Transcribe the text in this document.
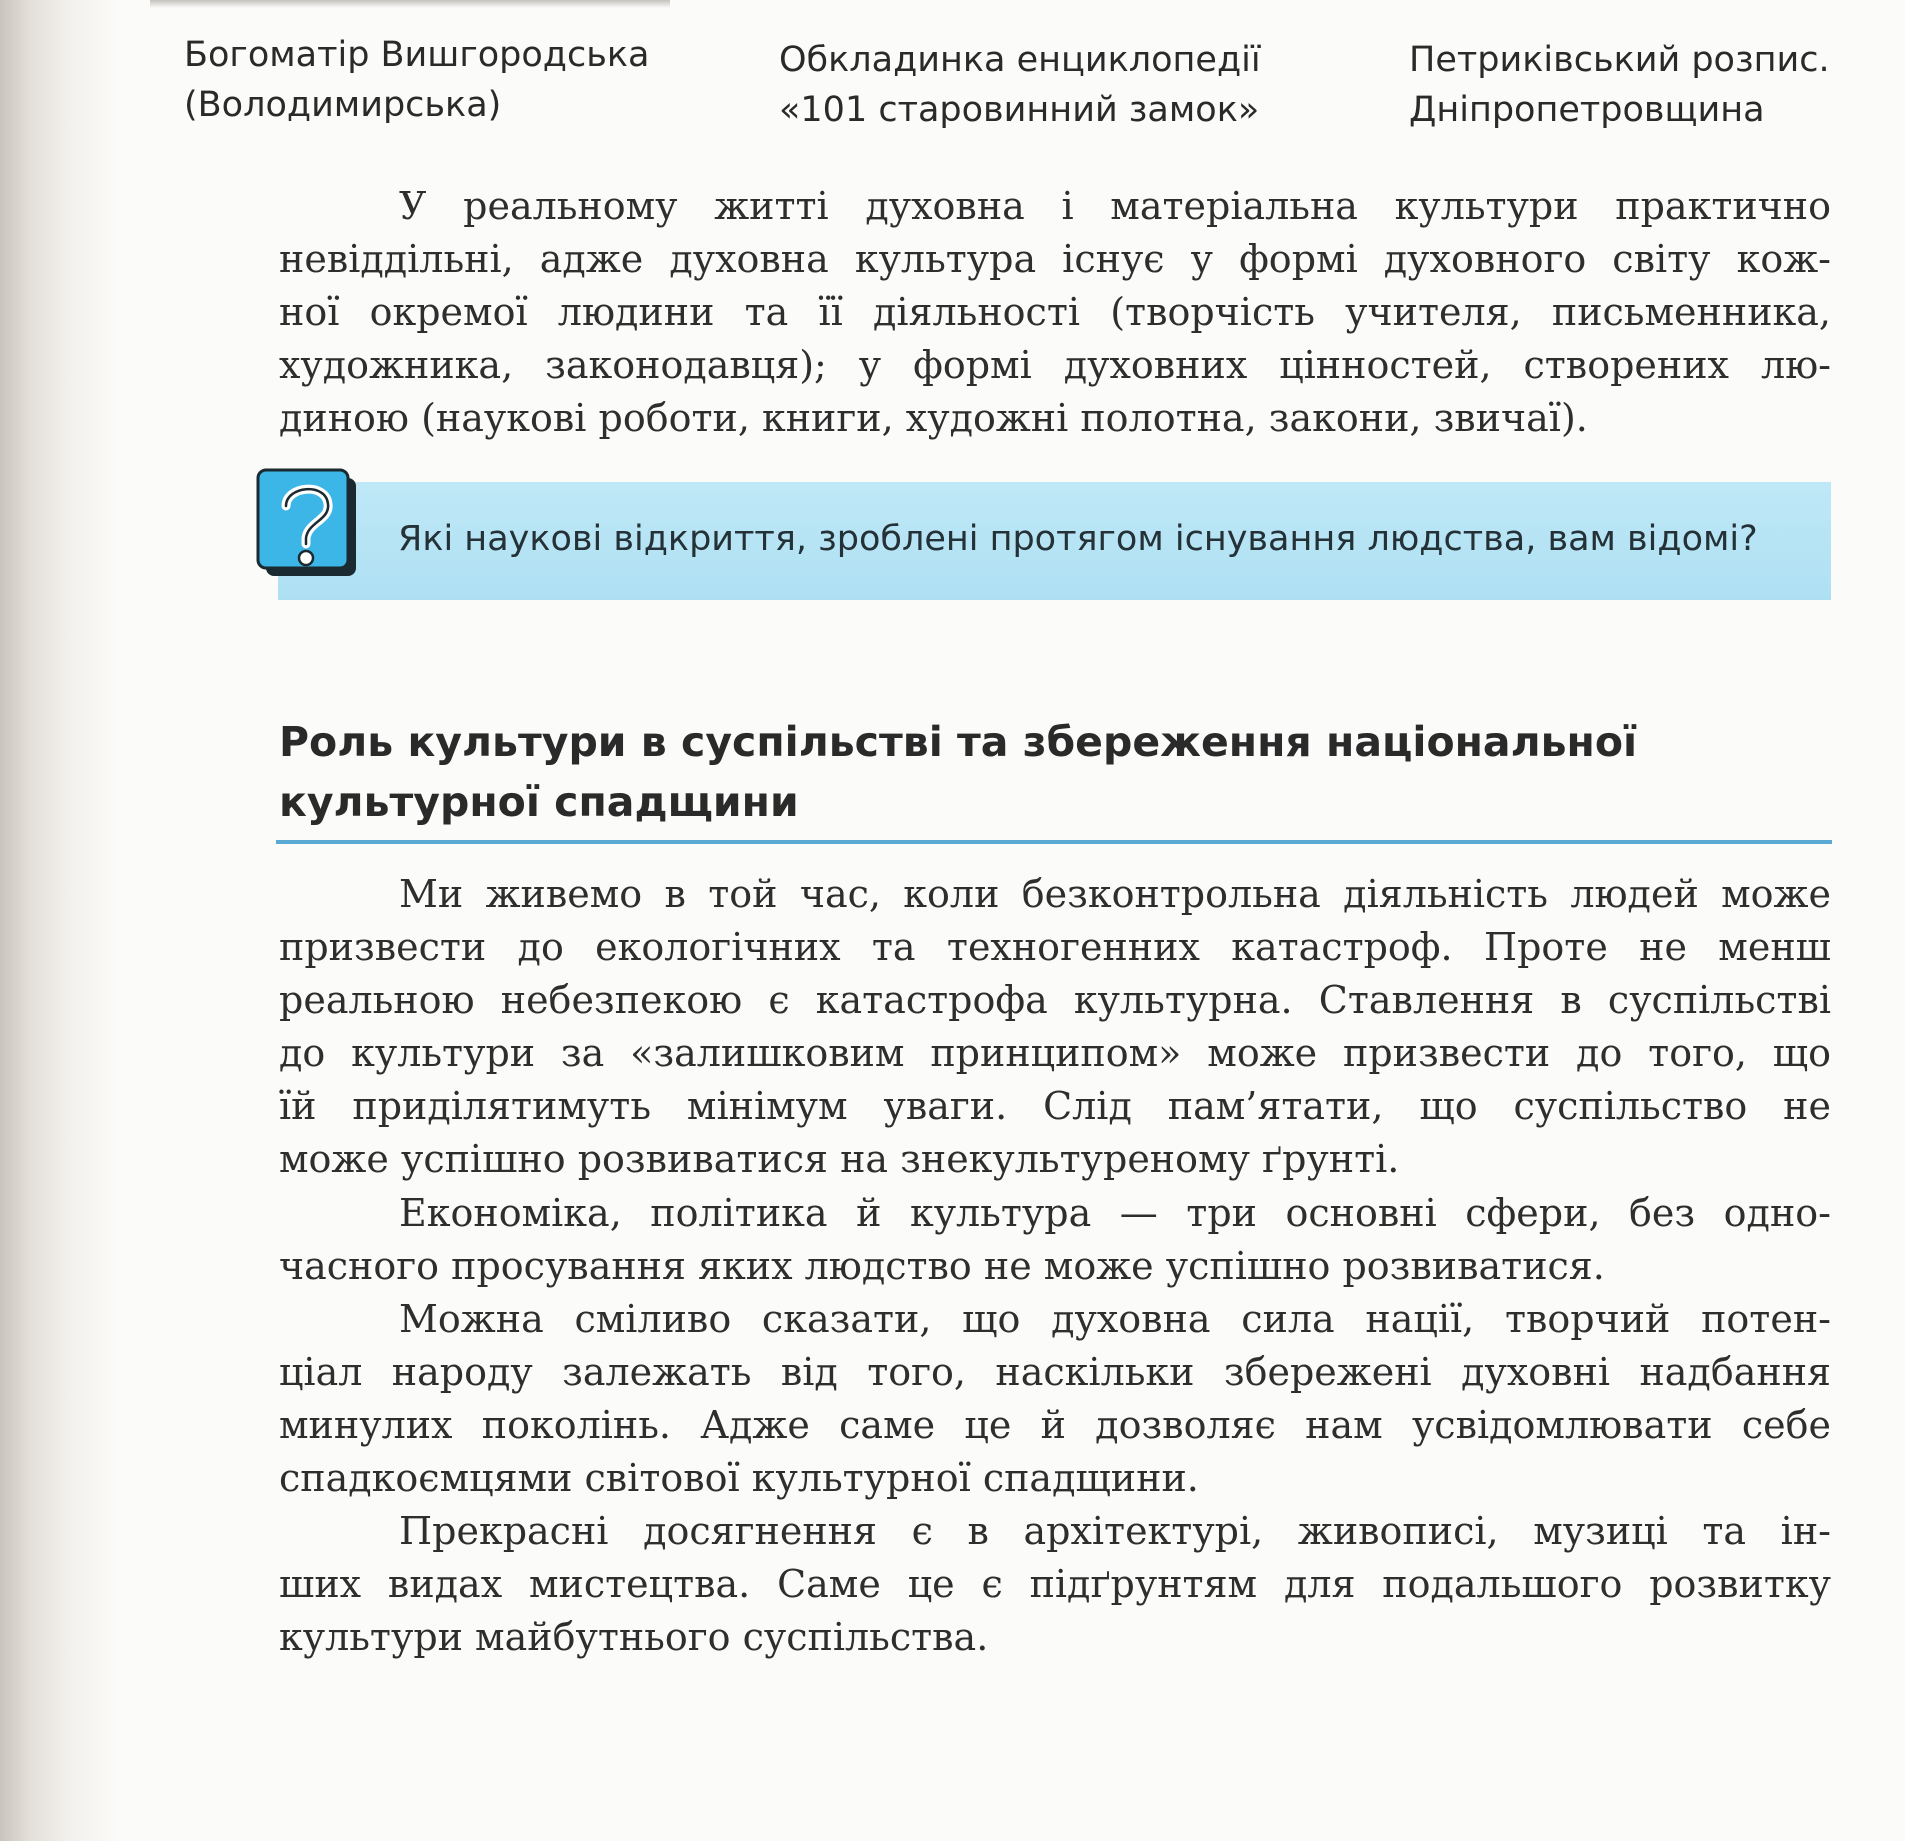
Богоматір Вишгородська
(Володимирська)
Обкладинка енциклопедії
«101 старовинний замок»
Петриківський розпис.
Дніпропетровщина
У реальному житті духовна і матеріальна культури практично
невіддільні, адже духовна культура існує у формі духовного світу кож-
ної окремої людини та її діяльності (творчість учителя, письменника,
художника, законодавця); у формі духовних цінностей, створених лю-
диною (наукові роботи, книги, художні полотна, закони, звичаї).
Які наукові відкриття, зроблені протягом існування людства, вам відомі?
Роль культури в суспільстві та збереження національної
культурної спадщини
Ми живемо в той час, коли безконтрольна діяльність людей може
призвести до екологічних та техногенних катастроф. Проте не менш
реальною небезпекою є катастрофа культурна. Ставлення в суспільстві
до культури за «залишковим принципом» може призвести до того, що
їй приділятимуть мінімум уваги. Слід пам’ятати, що суспільство не
може успішно розвиватися на знекультуреному ґрунті.
Економіка, політика й культура — три основні сфери, без одно-
часного просування яких людство не може успішно розвиватися.
Можна сміливо сказати, що духовна сила нації, творчий потен-
ціал народу залежать від того, наскільки збережені духовні надбання
минулих поколінь. Адже саме це й дозволяє нам усвідомлювати себе
спадкоємцями світової культурної спадщини.
Прекрасні досягнення є в архітектурі, живописі, музиці та ін-
ших видах мистецтва. Саме це є підґрунтям для подальшого розвитку
культури майбутнього суспільства.
